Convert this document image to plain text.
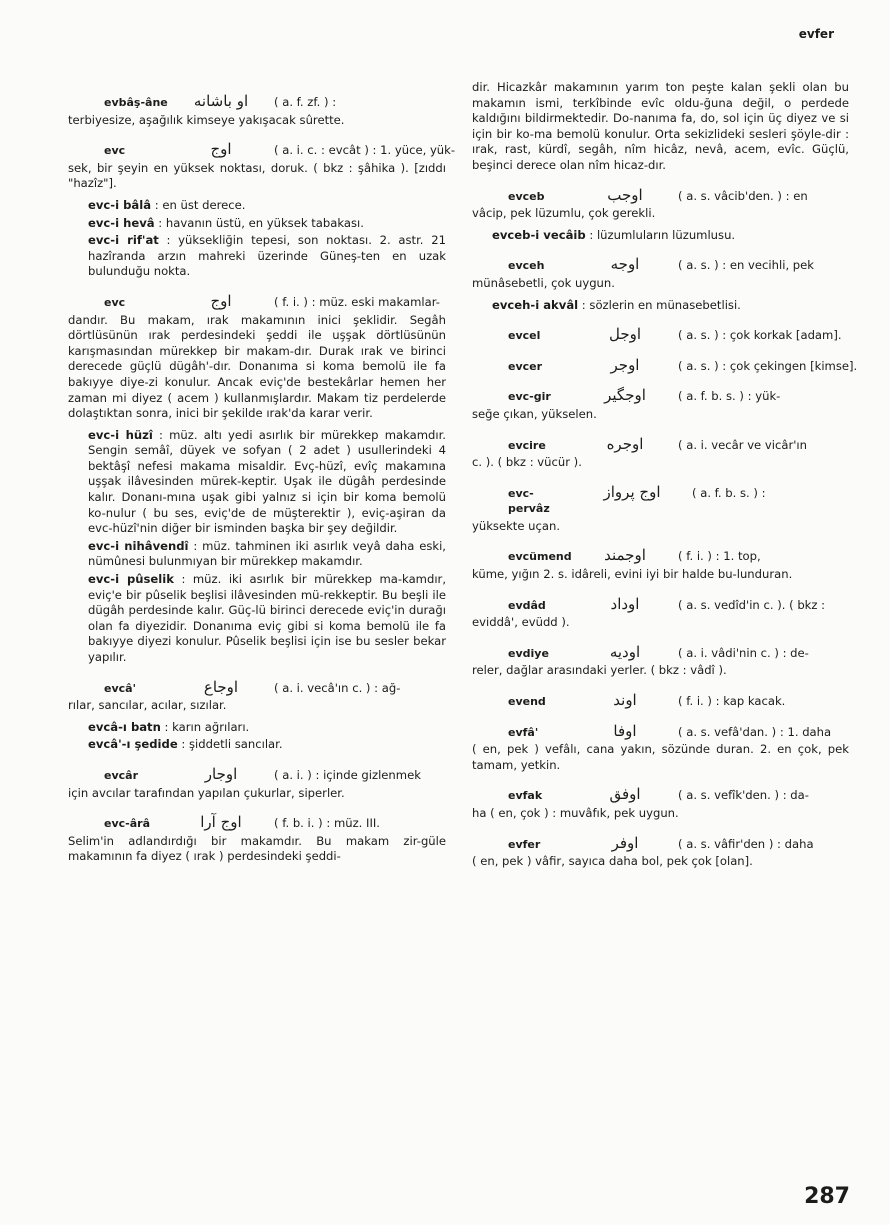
evfer
evbâş-âne	او باشانه	( a. f. zf. ) :
terbiyesize, aşağılık kimseye yakışacak sûrette.
evc	اوج	( a. i. c. : evcât ) : 1. yüce, yük-
sek, bir şeyin en yüksek noktası, doruk. ( bkz : şâhika ). [zıddı "hazîz"].

evc-i bâlâ : en üst derece.

evc-i hevâ : havanın üstü, en yüksek tabakası.

evc-i rif'at : yüksekliğin tepesi, son noktası. 2. astr. 21 hazîranda arzın mahreki üzerinde Güneş-ten en uzak bulunduğu nokta.

evc	اوج	( f. i. ) : müz. eski makamlar-
dandır. Bu makam, ırak makamının inici şeklidir. Segâh dörtlüsünün ırak perdesindeki şeddi ile uşşak dörtlüsünün karışmasından mürekkep bir makam-dır. Durak ırak ve birinci derecede güçlü dügâh'-dır. Donanıma si koma bemolü ile fa bakıyye diye-zi konulur. Ancak eviç'de bestekârlar hemen her zaman mi diyez ( acem ) kullanmışlardır. Makam tiz perdelerde dolaştıktan sonra, inici bir şekilde ırak'da karar verir.

evc-i hüzî : müz. altı yedi asırlık bir mürekkep makamdır. Sengin semâî, düyek ve sofyan ( 2 adet ) usullerindeki 4 bektâşî nefesi makama misaldir. Evç-hüzî, evîç makamına uşşak ilâvesinden mürek-keptir. Uşak ile dügâh perdesinde kalır. Donanı-mına uşak gibi yalnız si için bir koma bemolü ko-nulur ( bu ses, eviç'de de müşterektir ), eviç-aşiran da evc-hüzî'nin diğer bir isminden başka bir şey değildir.

evc-i nihâvendî : müz. tahminen iki asırlık veyâ daha eski, nümûnesi bulunmıyan bir mürekkep makamdır.

evc-i pûselik : müz. iki asırlık bir mürekkep ma-kamdır, eviç'e bir pûselik beşlisi ilâvesinden mü-rekkeptir. Bu beşli ile dügâh perdesinde kalır. Güç-lü birinci derecede eviç'in durağı olan fa diyezidir. Donanıma eviç gibi si koma bemolü ile fa bakıyye diyezi konulur. Pûselik beşlisi için ise bu sesler bekar yapılır.

evcâ'	اوجاع	( a. i. vecâ'ın c. ) : ağ-
rılar, sancılar, acılar, sızılar.

evcâ-ı batn : karın ağrıları.

evcâ'-ı şedide : şiddetli sancılar.

evcâr	اوجار	( a. i. ) : içinde gizlenmek
için avcılar tarafından yapılan çukurlar, siperler.
evc-ârâ	اوج آرا	( f. b. i. ) : müz. III.
Selim'in adlandırdığı bir makamdır. Bu makam zir-güle makamının fa diyez ( ırak ) perdesindeki şeddi-
dir. Hicazkâr makamının yarım ton peşte kalan şekli olan bu makamın ismi, terkîbinde evîc oldu-ğuna değil, o perdede kaldığını bildirmektedir. Do-nanıma fa, do, sol için üç diyez ve si için bir ko-ma bemolü konulur. Orta sekizlideki sesleri şöyle-dir : ırak, rast, kürdî, segâh, nîm hicâz, nevâ, acem, evîc. Güçlü, beşinci derece olan nîm hicaz-dır.
evceb	اوجب	( a. s. vâcib'den. ) : en
vâcip, pek lüzumlu, çok gerekli.

evceb-i vecâib : lüzumluların lüzumlusu.

evceh	اوجه	( a. s. ) : en vecihli, pek
münâsebetli, çok uygun.

evceh-i akvâl : sözlerin en münasebetlisi.

evcel	اوجل	( a. s. ) : çok korkak [adam].
evcer	اوجر	( a. s. ) : çok çekingen [kimse].
evc-gir	اوجگیر	( a. f. b. s. ) : yük-
seğe çıkan, yükselen.
evcire	اوجره	( a. i. vecâr ve vicâr'ın
c. ). ( bkz : vücür ).
evc-pervâz
اوج پرواز	( a. f. b. s. ) :
yüksekte uçan.
evcümend	اوجمند	( f. i. ) : 1. top,
küme, yığın 2. s. idâreli, evini iyi bir halde bu-lunduran.
evdâd	اوداد	( a. s. vedîd'in c. ). ( bkz :
eviddâ', evüdd ).
evdiye	اودیه	( a. i. vâdi'nin c. ) : de-
reler, dağlar arasındaki yerler. ( bkz : vâdî ).
evend	اوند	( f. i. ) : kap kacak.
evfâ'	اوفا	( a. s. vefâ'dan. ) : 1. daha
( en, pek ) vefâlı, cana yakın, sözünde duran. 2. en çok, pek tamam, yetkin.
evfak	اوفق	( a. s. vefîk'den. ) : da-
ha ( en, çok ) : muvâfık, pek uygun.
evfer	اوفر	( a. s. vâfir'den ) : daha
( en, pek ) vâfir, sayıca daha bol, pek çok [olan].
287
